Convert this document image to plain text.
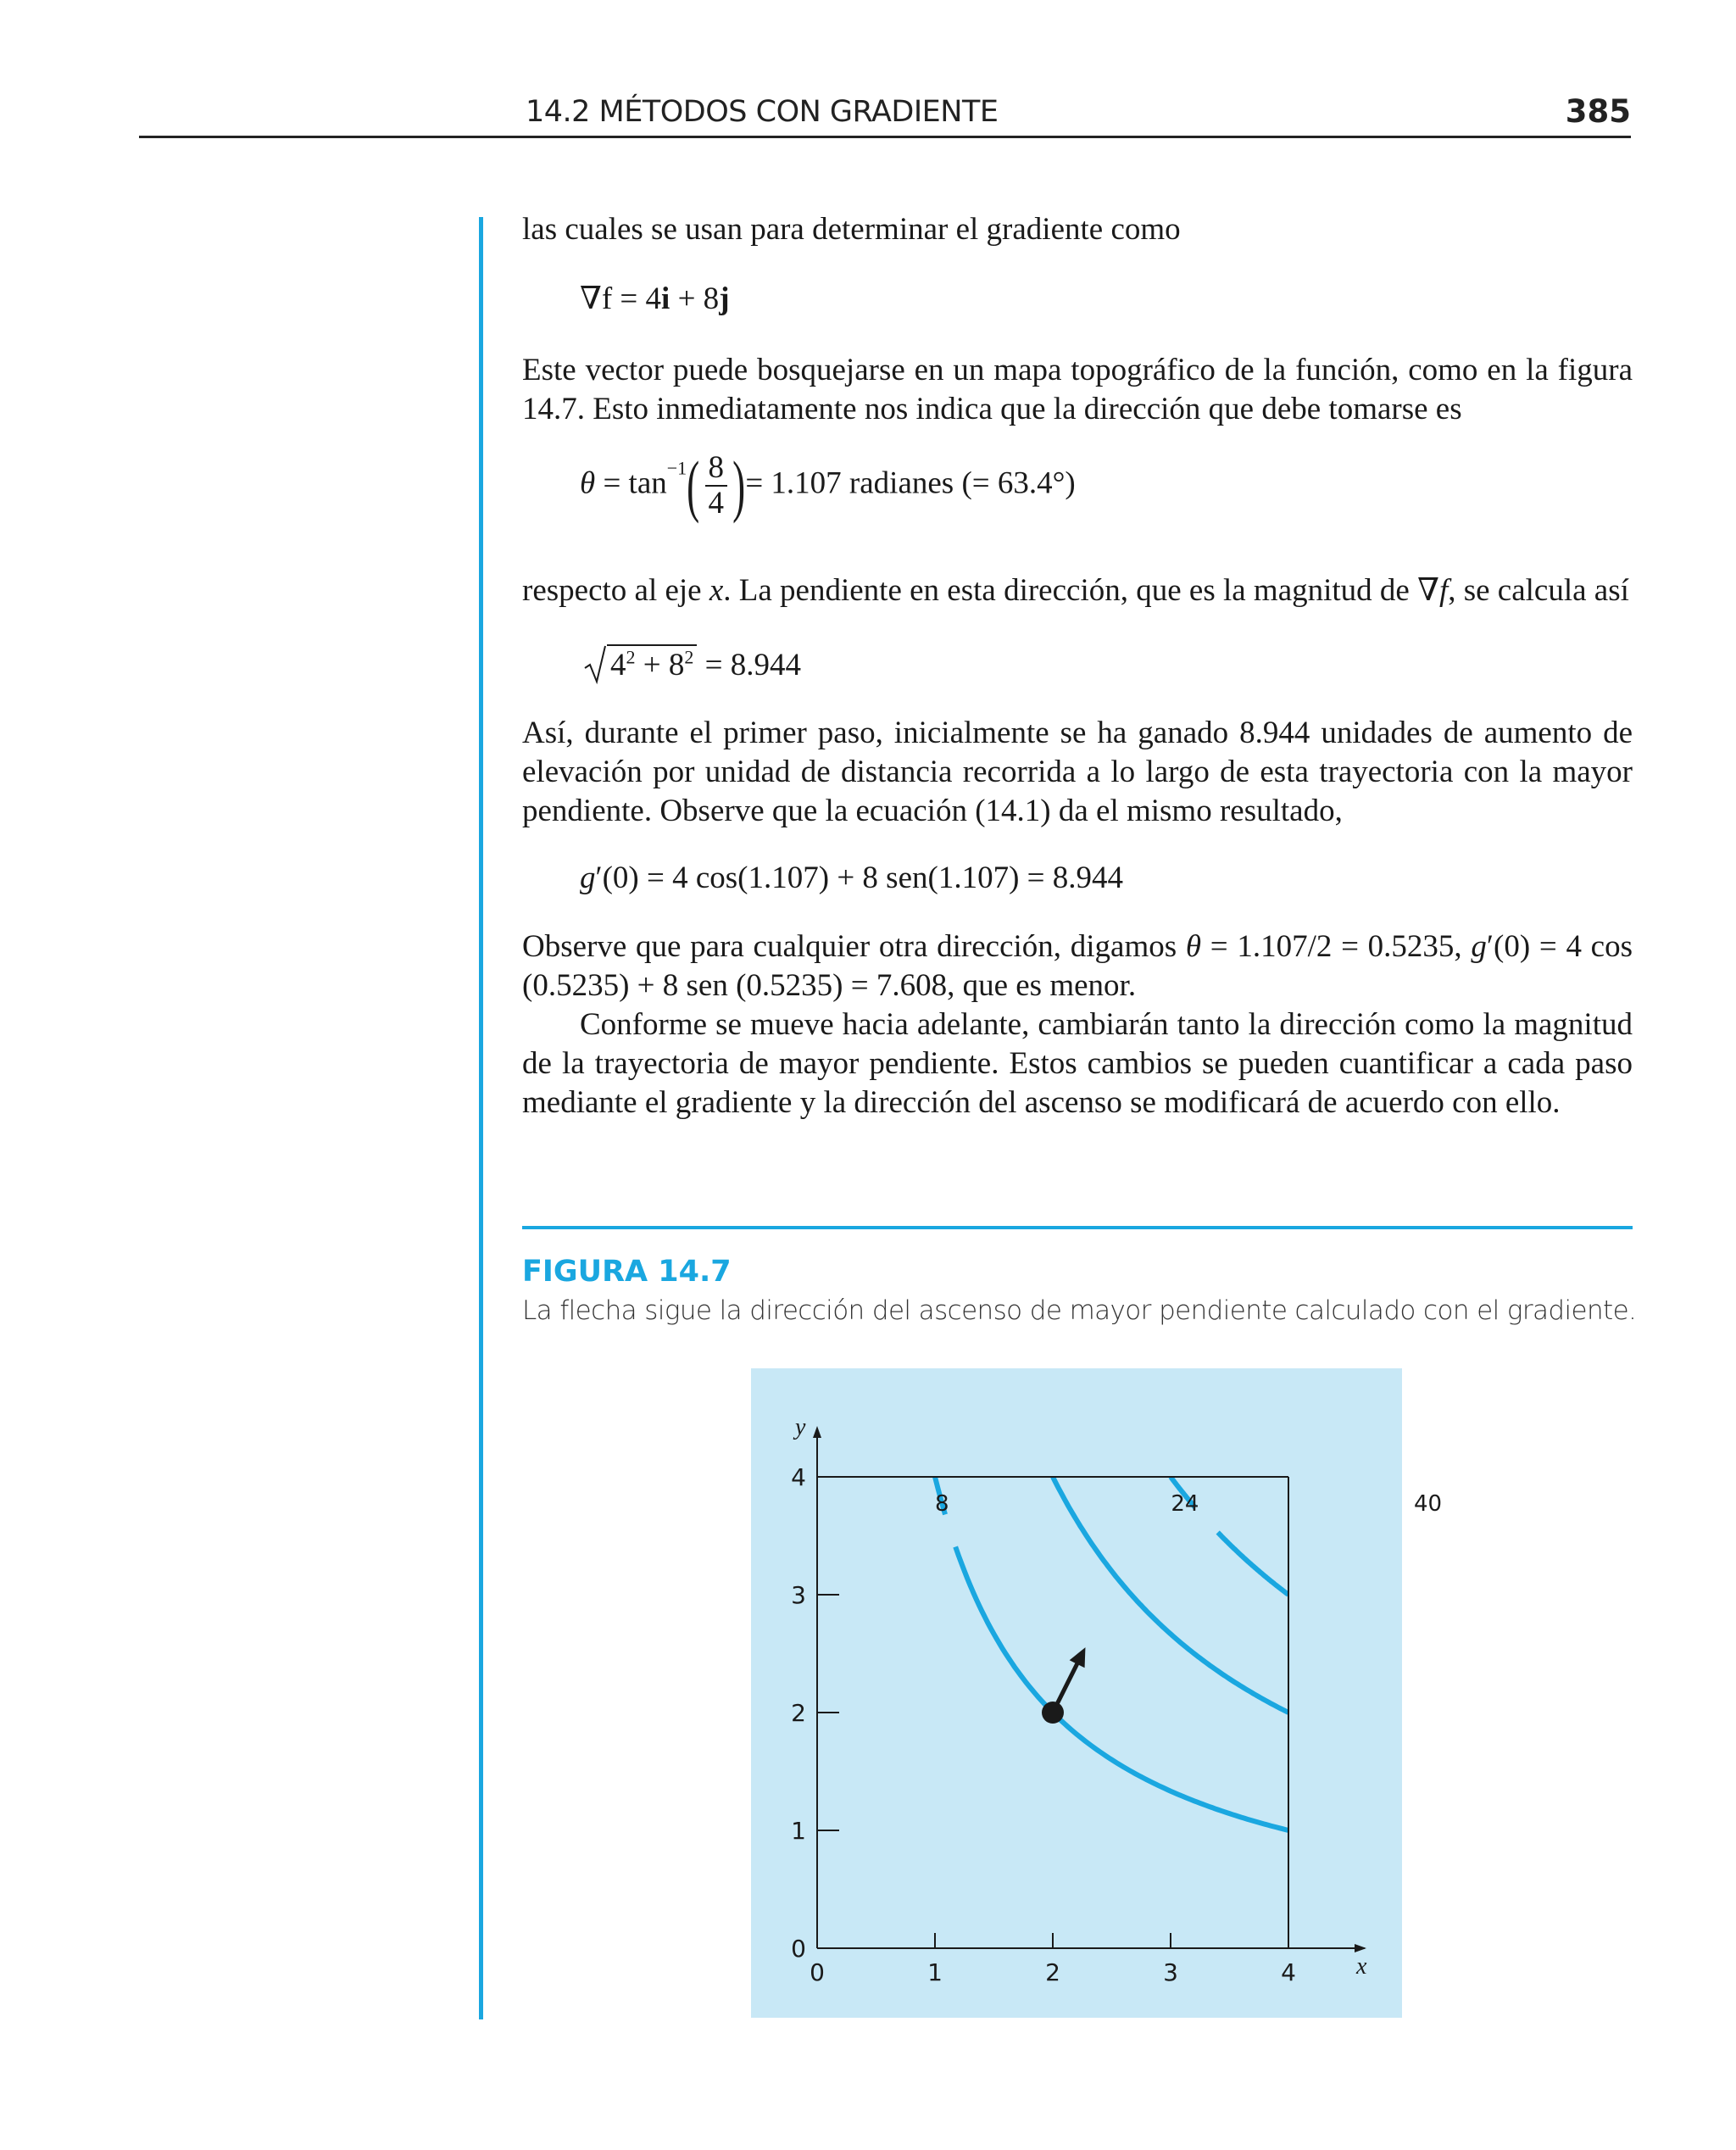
14.2 MÉTODOS CON GRADIENTE	385
las cuales se usan para determinar el gradiente como
∇f = 4i + 8j
Este vector puede bosquejarse en un mapa topográfico de la función, como en la figura 14.7. Esto inmediatamente nos indica que la dirección que debe tomarse es
$\theta = \tan^{-1}( \frac{8}{4}$ )= 1.107 radianes (= 63.4°)
respecto al eje x. La pendiente en esta dirección, que es la magnitud de ∇f, se calcula así
$4^2 + 8^2 = 8.944$
Así, durante el primer paso, inicialmente se ha ganado 8.944 unidades de aumento de elevación por unidad de distancia recorrida a lo largo de esta trayectoria con la mayor pendiente. Observe que la ecuación (14.1) da el mismo resultado,
g′(0) = 4 cos(1.107) + 8 sen(1.107) = 8.944
Observe que para cualquier otra dirección, digamos θ = 1.107/2 = 0.5235, g′(0) = 4 cos (0.5235) + 8 sen (0.5235) = 7.608, que es menor.
Conforme se mueve hacia adelante, cambiarán tanto la dirección como la magnitud de la trayectoria de mayor pendiente. Estos cambios se pueden cuantificar a cada paso mediante el gradiente y la dirección del ascenso se modificará de acuerdo con ello.
FIGURA 14.7
La flecha sigue la dirección del ascenso de mayor pendiente calculado con el gradiente.
8	24	40
0	1	2	3	4
0
1
2
3
4
x
y
